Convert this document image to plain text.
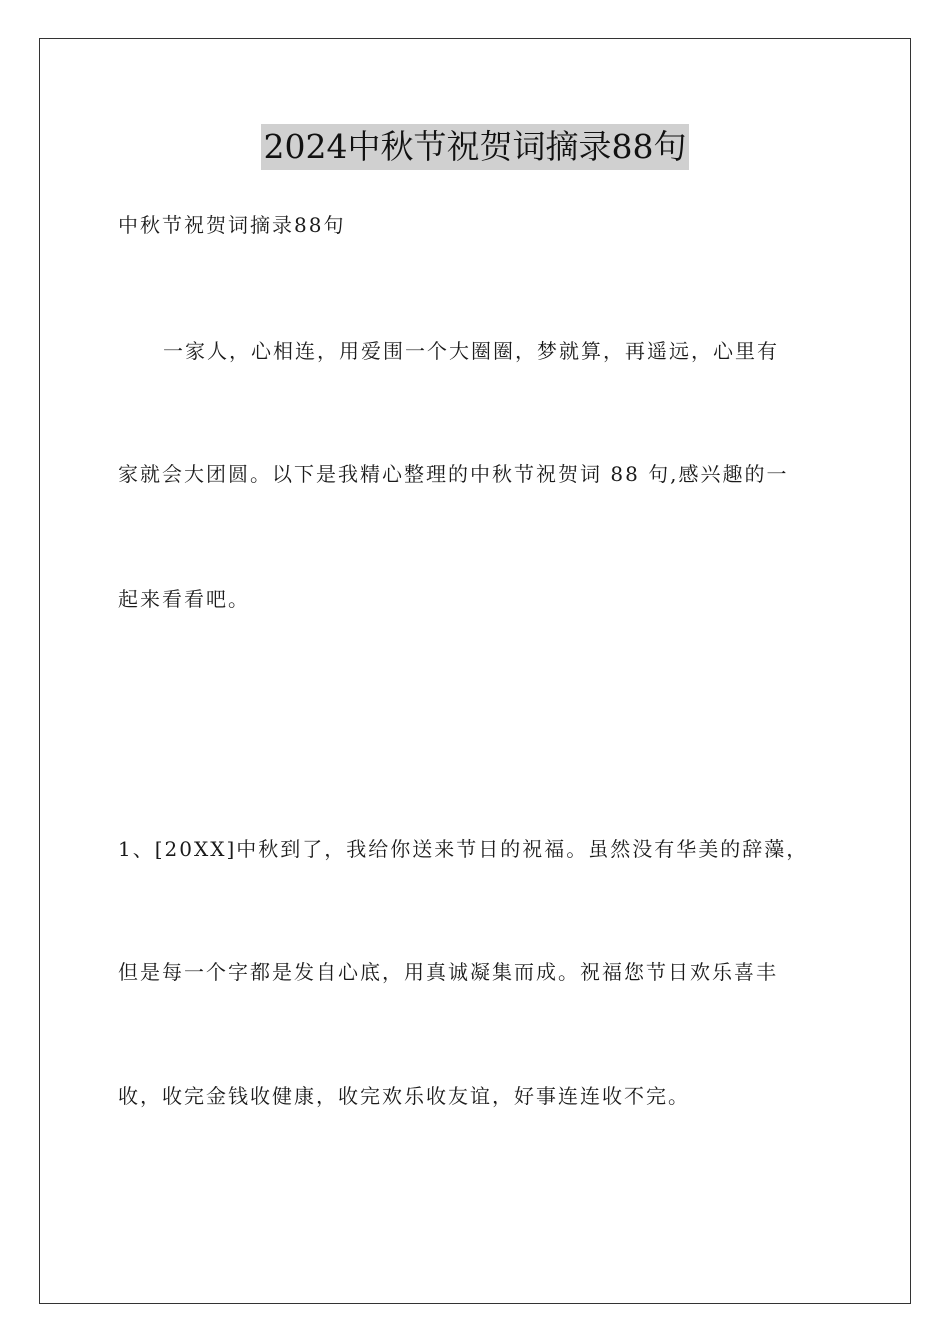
2024中秋节祝贺词摘录88句
中秋节祝贺词摘录88句
一家人，心相连，用爱围一个大圈圈，梦就算，再遥远，心里有
家就会大团圆。以下是我精心整理的中秋节祝贺词 88 句,感兴趣的一
起来看看吧。
1、[20XX]中秋到了，我给你送来节日的祝福。虽然没有华美的辞藻，
但是每一个字都是发自心底，用真诚凝集而成。祝福您节日欢乐喜丰
收，收完金钱收健康，收完欢乐收友谊，好事连连收不完。
